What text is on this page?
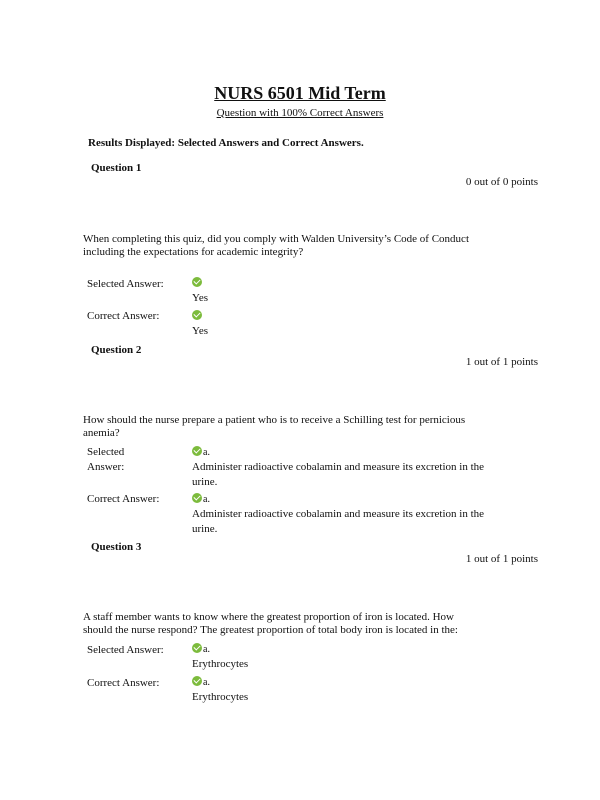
NURS 6501 Mid Term
Question with 100% Correct Answers
Results Displayed: Selected Answers and Correct Answers.
Question 1
0 out of 0 points
When completing this quiz, did you comply with Walden University’s Code of Conduct
including the expectations for academic integrity?
Selected Answer:
Yes
Correct Answer:
Yes
Question 2
1 out of 1 points
How should the nurse prepare a patient who is to receive a Schilling test for pernicious
anemia?
Selected
Answer:
a.
Administer radioactive cobalamin and measure its excretion in the
urine.
Correct Answer:	a.
Administer radioactive cobalamin and measure its excretion in the
urine.
Question 3
1 out of 1 points
A staff member wants to know where the greatest proportion of iron is located. How
should the nurse respond? The greatest proportion of total body iron is located in the:
Selected Answer:	a.
Erythrocytes
Correct Answer:	a.
Erythrocytes
